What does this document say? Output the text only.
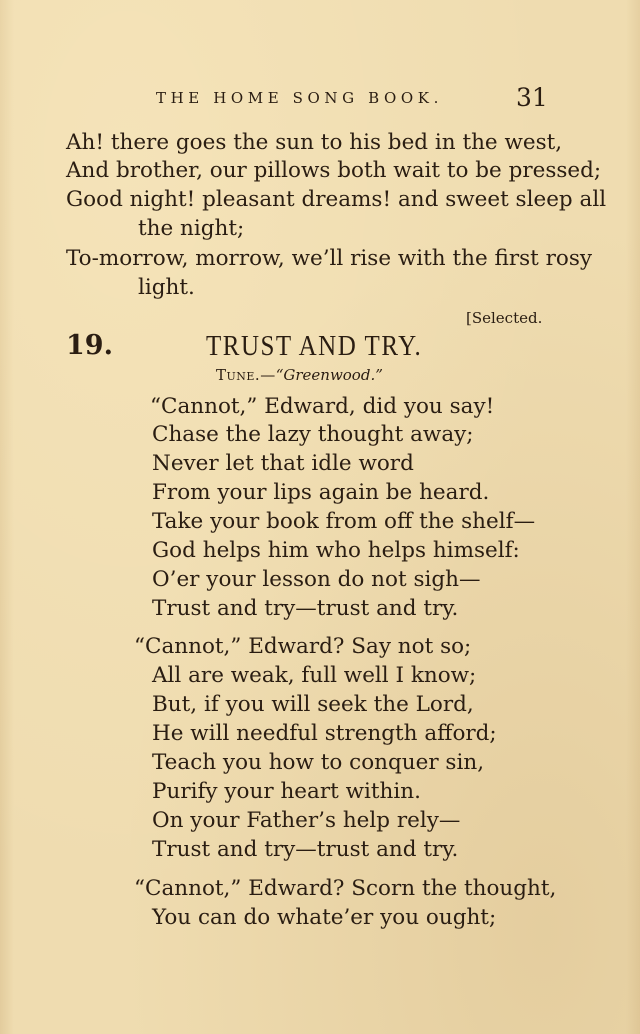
THE HOME SONG BOOK.	31
Ah! there goes the sun to his bed in the west,
And brother, our pillows both wait to be pressed;
Good night! pleasant dreams! and sweet sleep all
the night;
To-morrow, morrow, we’ll rise with the first rosy
light.
[Selected.
19.	TRUST AND TRY.
Tune.—“Greenwood.”
“Cannot,” Edward, did you say!
Chase the lazy thought away;
Never let that idle word
From your lips again be heard.
Take your book from off the shelf—
God helps him who helps himself:
O’er your lesson do not sigh—
Trust and try—trust and try.
“Cannot,” Edward? Say not so;
All are weak, full well I know;
But, if you will seek the Lord,
He will needful strength afford;
Teach you how to conquer sin,
Purify your heart within.
On your Father’s help rely—
Trust and try—trust and try.
“Cannot,” Edward? Scorn the thought,
You can do whate’er you ought;
